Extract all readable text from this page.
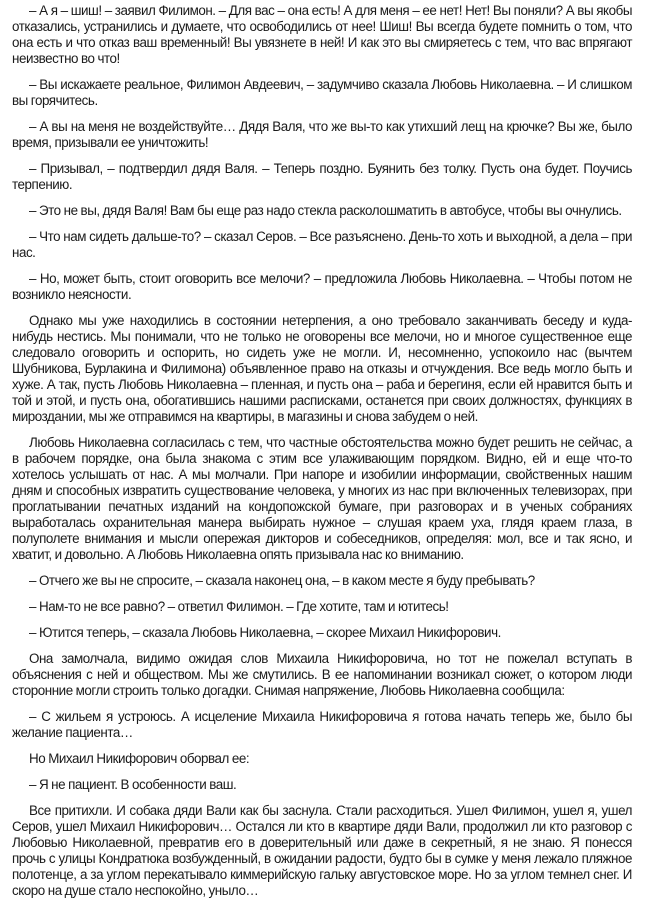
– А я – шиш! – заявил Филимон. – Для вас – она есть! А для меня – ее нет! Нет! Вы поняли? А вы якобы отказались, устранились и думаете, что освободились от нее! Шиш! Вы всегда будете помнить о том, что она есть и что отказ ваш временный! Вы увязнете в ней! И как это вы смиряетесь с тем, что вас впрягают неизвестно во что!

– Вы искажаете реальное, Филимон Авдеевич, – задумчиво сказала Любовь Николаевна. – И слишком вы горячитесь.

– А вы на меня не воздействуйте… Дядя Валя, что же вы-то как утихший лещ на крючке? Вы же, было время, призывали ее уничтожить!

– Призывал, – подтвердил дядя Валя. – Теперь поздно. Буянить без толку. Пусть она будет. Поучись терпению.

– Это не вы, дядя Валя! Вам бы еще раз надо стекла расколошматить в автобусе, чтобы вы очнулись.

– Что нам сидеть дальше-то? – сказал Серов. – Все разъяснено. День-то хоть и выходной, а дела – при нас.

– Но, может быть, стоит оговорить все мелочи? – предложила Любовь Николаевна. – Чтобы потом не возникло неясности.

Однако мы уже находились в состоянии нетерпения, а оно требовало заканчивать беседу и куда-нибудь нестись. Мы понимали, что не только не оговорены все мелочи, но и многое существенное еще следовало оговорить и оспорить, но сидеть уже не могли. И, несомненно, успокоило нас (вычтем Шубникова, Бурлакина и Филимона) объявленное право на отказы и отчуждения. Все ведь могло быть и хуже. А так, пусть Любовь Николаевна – пленная, и пусть она – раба и берегиня, если ей нравится быть и той и этой, и пусть она, обогатившись нашими расписками, останется при своих должностях, функциях в мироздании, мы же отправимся на квартиры, в магазины и снова забудем о ней.

Любовь Николаевна согласилась с тем, что частные обстоятельства можно будет решить не сейчас, а в рабочем порядке, она была знакома с этим все улаживающим порядком. Видно, ей и еще что-то хотелось услышать от нас. А мы молчали. При напоре и изобилии информации, свойственных нашим дням и способных извратить существование человека, у многих из нас при включенных телевизорах, при проглатывании печатных изданий на кондопожской бумаге, при разговорах и в ученых собраниях выработалась охранительная манера выбирать нужное – слушая краем уха, глядя краем глаза, в полуполете внимания и мысли опережая дикторов и собеседников, определяя: мол, все и так ясно, и хватит, и довольно. А Любовь Николаевна опять призывала нас ко вниманию.

– Отчего же вы не спросите, – сказала наконец она, – в каком месте я буду пребывать?

– Нам-то не все равно? – ответил Филимон. – Где хотите, там и ютитесь!

– Ютится теперь, – сказала Любовь Николаевна, – скорее Михаил Никифорович.

Она замолчала, видимо ожидая слов Михаила Никифоровича, но тот не пожелал вступать в объяснения с ней и обществом. Мы же смутились. В ее напоминании возникал сюжет, о котором люди сторонние могли строить только догадки. Снимая напряжение, Любовь Николаевна сообщила:

– С жильем я устроюсь. А исцеление Михаила Никифоровича я готова начать теперь же, было бы желание пациента…

Но Михаил Никифорович оборвал ее:

– Я не пациент. В особенности ваш.

Все притихли. И собака дяди Вали как бы заснула. Стали расходиться. Ушел Филимон, ушел я, ушел Серов, ушел Михаил Никифорович… Остался ли кто в квартире дяди Вали, продолжил ли кто разговор с Любовью Николаевной, превратив его в доверительный или даже в секретный, я не знаю. Я понесся прочь с улицы Кондратюка возбужденный, в ожидании радости, будто бы в сумке у меня лежало пляжное полотенце, а за углом перекатывало киммерийскую гальку августовское море. Но за углом темнел снег. И скоро на душе стало неспокойно, уныло…
